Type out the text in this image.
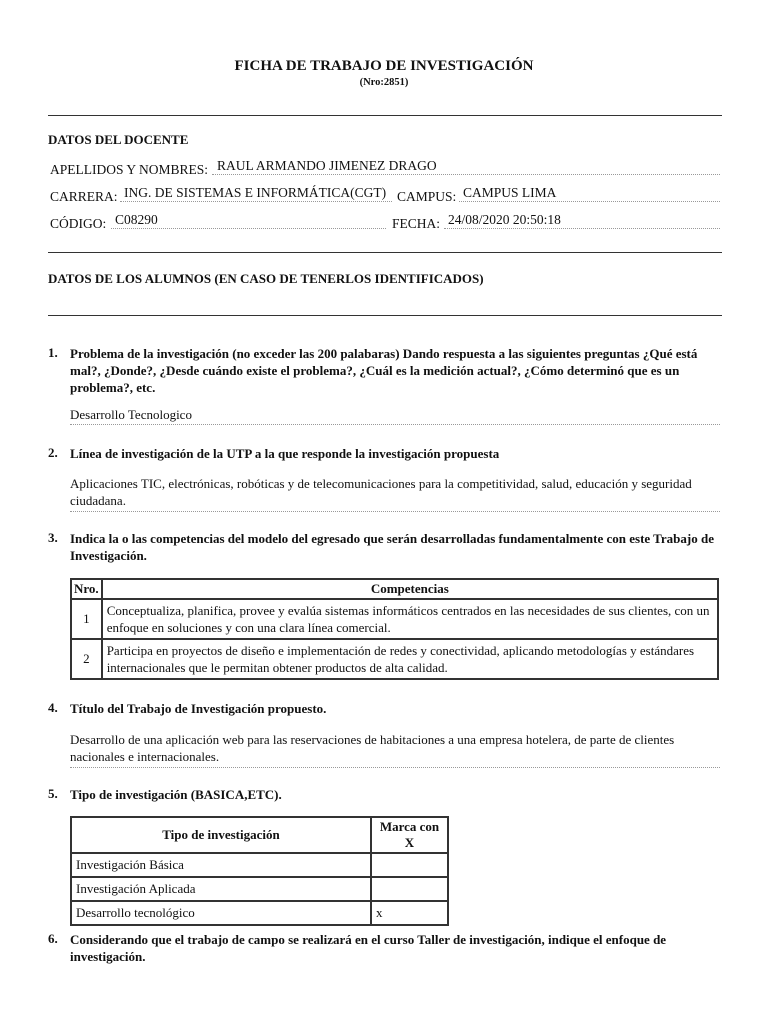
FICHA DE TRABAJO DE INVESTIGACIÓN
(Nro:2851)
DATOS DEL DOCENTE
APELLIDOS Y NOMBRES: RAUL ARMANDO JIMENEZ DRAGO
CARRERA: ING. DE SISTEMAS E INFORMÁTICA(CGT) CAMPUS: CAMPUS LIMA
CÓDIGO: C08290	FECHA: 24/08/2020 20:50:18
DATOS DE LOS ALUMNOS (EN CASO DE TENERLOS IDENTIFICADOS)
1. Problema de la investigación (no exceder las 200 palabaras) Dando respuesta a las siguientes preguntas ¿Qué está mal?, ¿Donde?, ¿Desde cuándo existe el problema?, ¿Cuál es la medición actual?, ¿Cómo determinó que es un problema?, etc.
Desarrollo Tecnologico
2. Línea de investigación de la UTP a la que responde la investigación propuesta
Aplicaciones TIC, electrónicas, robóticas y de telecomunicaciones para la competitividad, salud, educación y seguridad ciudadana.
3. Indica la o las competencias del modelo del egresado que serán desarrolladas fundamentalmente con este Trabajo de Investigación.
Nro.	Competencias
1	Conceptualiza, planifica, provee y evalúa sistemas informáticos centrados en las necesidades de sus clientes, con un enfoque en soluciones y con una clara línea comercial.
2	Participa en proyectos de diseño e implementación de redes y conectividad, aplicando metodologías y estándares internacionales que le permitan obtener productos de alta calidad.
4. Título del Trabajo de Investigación propuesto.
Desarrollo de una aplicación web para las reservaciones de habitaciones a una empresa hotelera, de parte de clientes nacionales e internacionales.
5. Tipo de investigación (BASICA,ETC).
Tipo de investigación	Marca con X
Investigación Básica	
Investigación Aplicada	
Desarrollo tecnológico	x
6. Considerando que el trabajo de campo se realizará en el curso Taller de investigación, indique el enfoque de investigación.
